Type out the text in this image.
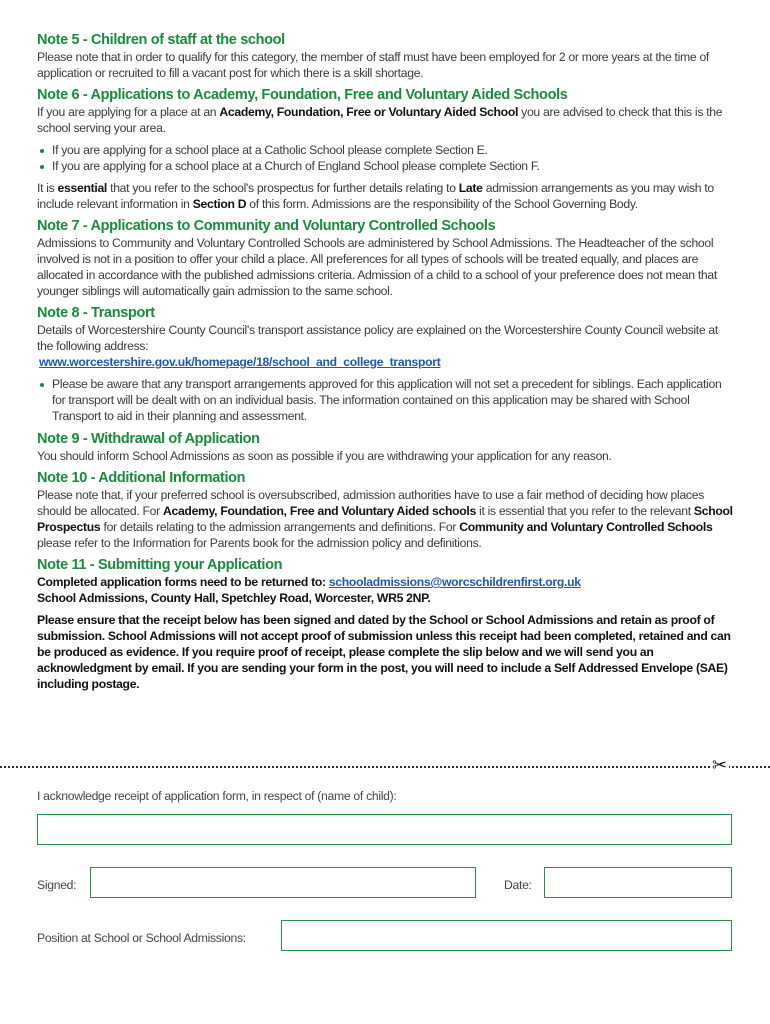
Note 5 - Children of staff at the school

Please note that in order to qualify for this category, the member of staff must have been employed for 2 or more years at the time of application or recruited to fill a vacant post for which there is a skill shortage.

Note 6 - Applications to Academy, Foundation, Free and Voluntary Aided Schools

If you are applying for a place at an Academy, Foundation, Free or Voluntary Aided School you are advised to check that this is the school serving your area.

If you are applying for a school place at a Catholic School please complete Section E.
If you are applying for a school place at a Church of England School please complete Section F.

It is essential that you refer to the school's prospectus for further details relating to Late admission arrangements as you may wish to include relevant information in Section D of this form. Admissions are the responsibility of the School Governing Body.

Note 7 - Applications to Community and Voluntary Controlled Schools

Admissions to Community and Voluntary Controlled Schools are administered by School Admissions. The Headteacher of the school involved is not in a position to offer your child a place. All preferences for all types of schools will be treated equally, and places are allocated in accordance with the published admissions criteria. Admission of a child to a school of your preference does not mean that younger siblings will automatically gain admission to the same school.

Note 8 - Transport

Details of Worcestershire County Council's transport assistance policy are explained on the Worcestershire County Council website at the following address:

www.worcestershire.gov.uk/homepage/18/school_and_college_transport

Please be aware that any transport arrangements approved for this application will not set a precedent for siblings. Each application for transport will be dealt with on an individual basis. The information contained on this application may be shared with School Transport to aid in their planning and assessment.
Note 9 - Withdrawal of Application

You should inform School Admissions as soon as possible if you are withdrawing your application for any reason.

Note 10 - Additional Information

Please note that, if your preferred school is oversubscribed, admission authorities have to use a fair method of deciding how places should be allocated. For Academy, Foundation, Free and Voluntary Aided schools it is essential that you refer to the relevant School Prospectus for details relating to the admission arrangements and definitions. For Community and Voluntary Controlled Schools please refer to the Information for Parents book for the admission policy and definitions.

Note 11 - Submitting your Application

Completed application forms need to be returned to: schooladmissions@worcschildrenfirst.org.uk

School Admissions, County Hall, Spetchley Road, Worcester, WR5 2NP.

Please ensure that the receipt below has been signed and dated by the School or School Admissions and retain as proof of submission. School Admissions will not accept proof of submission unless this receipt had been completed, retained and can be produced as evidence. If you require proof of receipt, please complete the slip below and we will send you an acknowledgment by email. If you are sending your form in the post, you will need to include a Self Addressed Envelope (SAE) including postage.

✂
I acknowledge receipt of application form, in respect of (name of child):
Signed:	Date:
Position at School or School Admissions:
